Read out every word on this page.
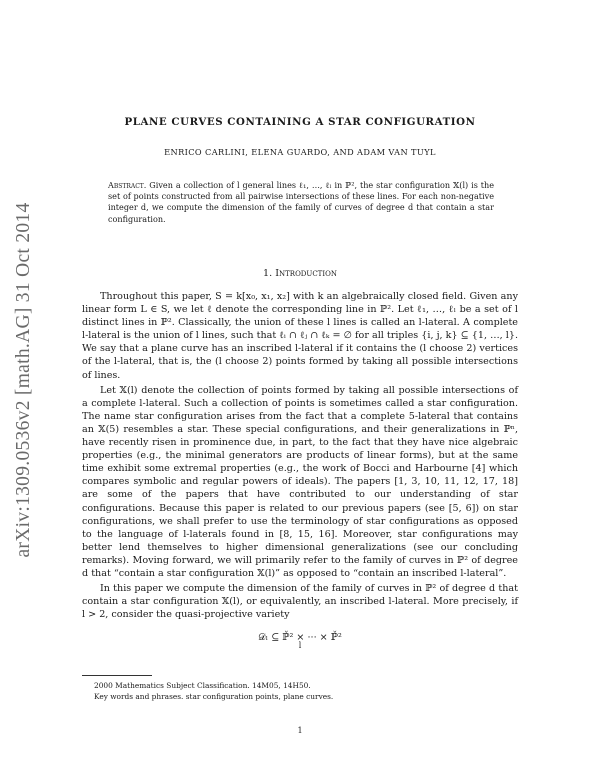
arXiv:1309.0536v2 [math.AG] 31 Oct 2014
PLANE CURVES CONTAINING A STAR CONFIGURATION
ENRICO CARLINI, ELENA GUARDO, AND ADAM VAN TUYL
Abstract. Given a collection of l general lines ℓ₁, …, ℓₗ in ℙ², the star configuration 𝕏(l) is the set of points constructed from all pairwise intersections of these lines. For each non-negative integer d, we compute the dimension of the family of curves of degree d that contain a star configuration.
1. Introduction

Throughout this paper, S = k[x₀, x₁, x₂] with k an algebraically closed field. Given any linear form L ∈ S, we let ℓ denote the corresponding line in ℙ². Let ℓ₁, …, ℓₗ be a set of l distinct lines in ℙ². Classically, the union of these l lines is called an l-lateral. A complete l-lateral is the union of l lines, such that ℓᵢ ∩ ℓⱼ ∩ ℓₖ = ∅ for all triples {i, j, k} ⊆ {1, …, l}. We say that a plane curve has an inscribed l-lateral if it contains the (l choose 2) vertices of the l-lateral, that is, the (l choose 2) points formed by taking all possible intersections of lines.

Let 𝕏(l) denote the collection of points formed by taking all possible intersections of a complete l-lateral. Such a collection of points is sometimes called a star configuration. The name star configuration arises from the fact that a complete 5-lateral that contains an 𝕏(5) resembles a star. These special configurations, and their generalizations in ℙⁿ, have recently risen in prominence due, in part, to the fact that they have nice algebraic properties (e.g., the minimal generators are products of linear forms), but at the same time exhibit some extremal properties (e.g., the work of Bocci and Harbourne [4] which compares symbolic and regular powers of ideals). The papers [1, 3, 10, 11, 12, 17, 18] are some of the papers that have contributed to our understanding of star configurations. Because this paper is related to our previous papers (see [5, 6]) on star configurations, we shall prefer to use the terminology of star configurations as opposed to the language of l-laterals found in [8, 15, 16]. Moreover, star configurations may better lend themselves to higher dimensional generalizations (see our concluding remarks). Moving forward, we will primarily refer to the family of curves in ℙ² of degree d that “contain a star configuration 𝕏(l)” as opposed to “contain an inscribed l-lateral”.

In this paper we compute the dimension of the family of curves in ℙ² of degree d that contain a star configuration 𝕏(l), or equivalently, an inscribed l-lateral. More precisely, if l > 2, consider the quasi-projective variety

𝒟ₗ ⊆ ℙ̌² × ··· × ℙ̌²
l
2000 Mathematics Subject Classification. 14M05, 14H50.
Key words and phrases. star configuration points, plane curves.
1
